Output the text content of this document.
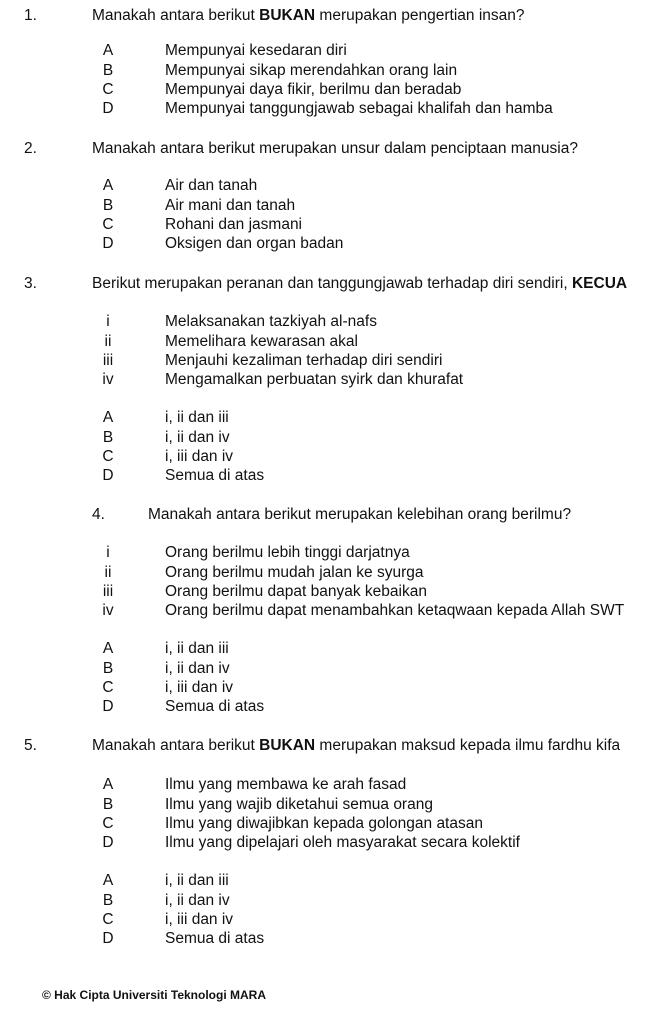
1.	Manakah antara berikut BUKAN merupakan pengertian insan?
A	Mempunyai kesedaran diri
B	Mempunyai sikap merendahkan orang lain
C	Mempunyai daya fikir, berilmu dan beradab
D	Mempunyai tanggungjawab sebagai khalifah dan hamba
2.	Manakah antara berikut merupakan unsur dalam penciptaan manusia?
A	Air dan tanah
B	Air mani dan tanah
C	Rohani dan jasmani
D	Oksigen dan organ badan
3.	Berikut merupakan peranan dan tanggungjawab terhadap diri sendiri, KECUA
i	Melaksanakan tazkiyah al-nafs
ii	Memelihara kewarasan akal
iii	Menjauhi kezaliman terhadap diri sendiri
iv	Mengamalkan perbuatan syirk dan khurafat
A	i, ii dan iii
B	i, ii dan iv
C	i, iii dan iv
D	Semua di atas
4.	Manakah antara berikut merupakan kelebihan orang berilmu?
i	Orang berilmu lebih tinggi darjatnya
ii	Orang berilmu mudah jalan ke syurga
iii	Orang berilmu dapat banyak kebaikan
iv	Orang berilmu dapat menambahkan ketaqwaan kepada Allah SWT
A	i, ii dan iii
B	i, ii dan iv
C	i, iii dan iv
D	Semua di atas
5.	Manakah antara berikut BUKAN merupakan maksud kepada ilmu fardhu kifa
A	Ilmu yang membawa ke arah fasad
B	Ilmu yang wajib diketahui semua orang
C	Ilmu yang diwajibkan kepada golongan atasan
D	Ilmu yang dipelajari oleh masyarakat secara kolektif
A	i, ii dan iii
B	i, ii dan iv
C	i, iii dan iv
D	Semua di atas
© Hak Cipta Universiti Teknologi MARA
